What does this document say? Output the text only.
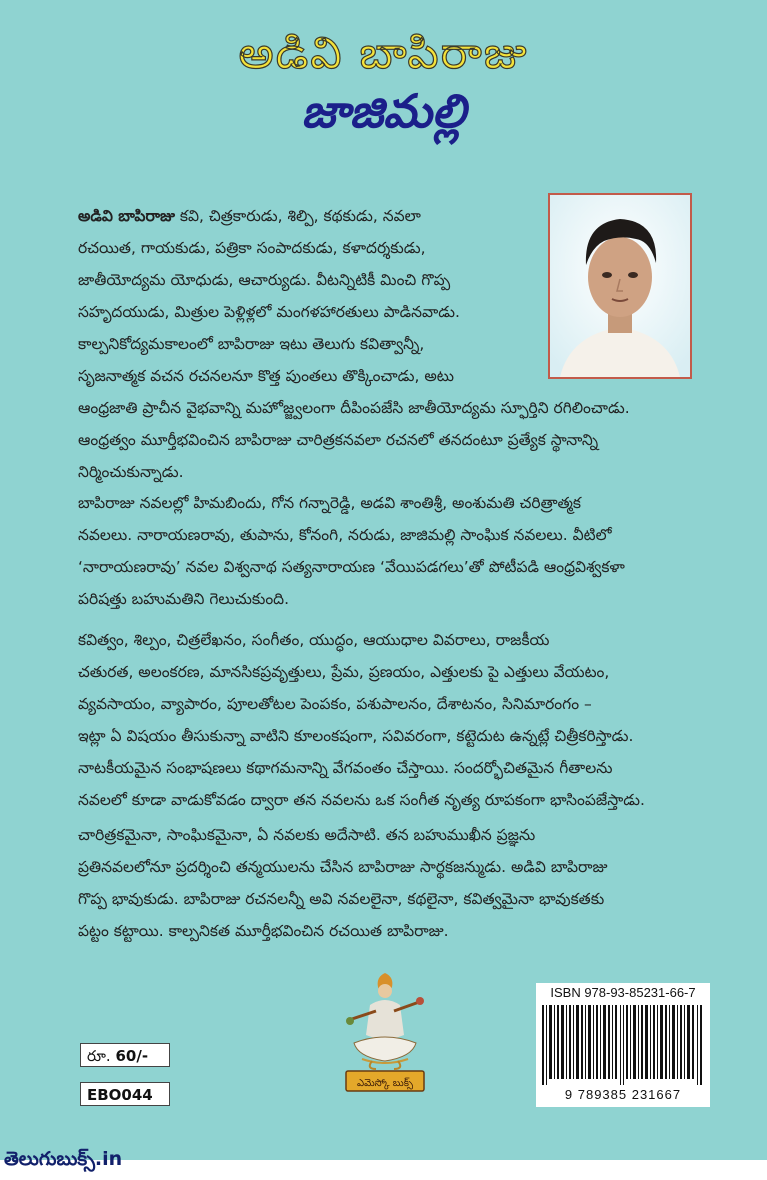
అడివి బాపిరాజు
జాజిమల్లి
అడివి బాపిరాజు కవి, చిత్రకారుడు, శిల్పి, కథకుడు, నవలా
రచయిత, గాయకుడు, పత్రికా సంపాదకుడు, కళాదర్శకుడు,
జాతీయోద్యమ యోధుడు, ఆచార్యుడు. వీటన్నిటికీ మించి గొప్ప
సహృదయుడు, మిత్రుల పెళ్లిళ్లలో మంగళహారతులు పాడినవాడు.
కాల్పనికోద్యమకాలంలో బాపిరాజు ఇటు తెలుగు కవిత్వాన్నీ,
సృజనాత్మక వచన రచనలనూ కొత్త పుంతలు తొక్కించాడు, అటు
ఆంధ్రజాతి ప్రాచీన వైభవాన్ని మహోజ్జ్వలంగా దీపింపజేసి జాతీయోద్యమ స్ఫూర్తిని రగిలించాడు.
ఆంధ్రత్వం మూర్తీభవించిన బాపిరాజు చారిత్రకనవలా రచనలో తనదంటూ ప్రత్యేక స్థానాన్ని
నిర్మించుకున్నాడు.
బాపిరాజు నవలల్లో హిమబిందు, గోన గన్నారెడ్డి, అడవి శాంతిశ్రీ, అంశుమతి చరిత్రాత్మక
నవలలు. నారాయణరావు, తుపాను, కోనంగి, నరుడు, జాజిమల్లి సాంఘిక నవలలు. వీటిలో
‘నారాయణరావు’ నవల విశ్వనాథ సత్యనారాయణ ‘వేయిపడగలు’తో పోటీపడి ఆంధ్రవిశ్వకళా
పరిషత్తు బహుమతిని గెలుచుకుంది.
కవిత్వం, శిల్పం, చిత్రలేఖనం, సంగీతం, యుద్ధం, ఆయుధాల వివరాలు, రాజకీయ
చతురత, అలంకరణ, మానసికప్రవృత్తులు, ప్రేమ, ప్రణయం, ఎత్తులకు పై ఎత్తులు వేయటం,
వ్యవసాయం, వ్యాపారం, పూలతోటల పెంపకం, పశుపాలనం, దేశాటనం, సినిమారంగం –
ఇట్లా ఏ విషయం తీసుకున్నా వాటిని కూలంకషంగా, సవివరంగా, కట్టెదుట ఉన్నట్లే చిత్రీకరిస్తాడు.
నాటకీయమైన సంభాషణలు కథాగమనాన్ని వేగవంతం చేస్తాయి. సందర్భోచితమైన గీతాలను
నవలలో కూడా వాడుకోవడం ద్వారా తన నవలను ఒక సంగీత నృత్య రూపకంగా భాసింపజేస్తాడు.
చారిత్రకమైనా, సాంఘికమైనా, ఏ నవలకు అదేసాటి. తన బహుముఖీన ప్రజ్ఞను
ప్రతినవలలోనూ ప్రదర్శించి తన్మయులను చేసిన బాపిరాజు సార్థకజన్ముడు. అడివి బాపిరాజు
గొప్ప భావుకుడు. బాపిరాజు రచనలన్నీ అవి నవలలైనా, కథలైనా, కవిత్వమైనా భావుకతకు
పట్టం కట్టాయి. కాల్పనికత మూర్తీభవించిన రచయిత బాపిరాజు.
రూ. 60/-
EBO044
ఎమెస్కో బుక్స్
ISBN 978-93-85231-66-7
9 789385 231667
తెలుగుబుక్స్.in
